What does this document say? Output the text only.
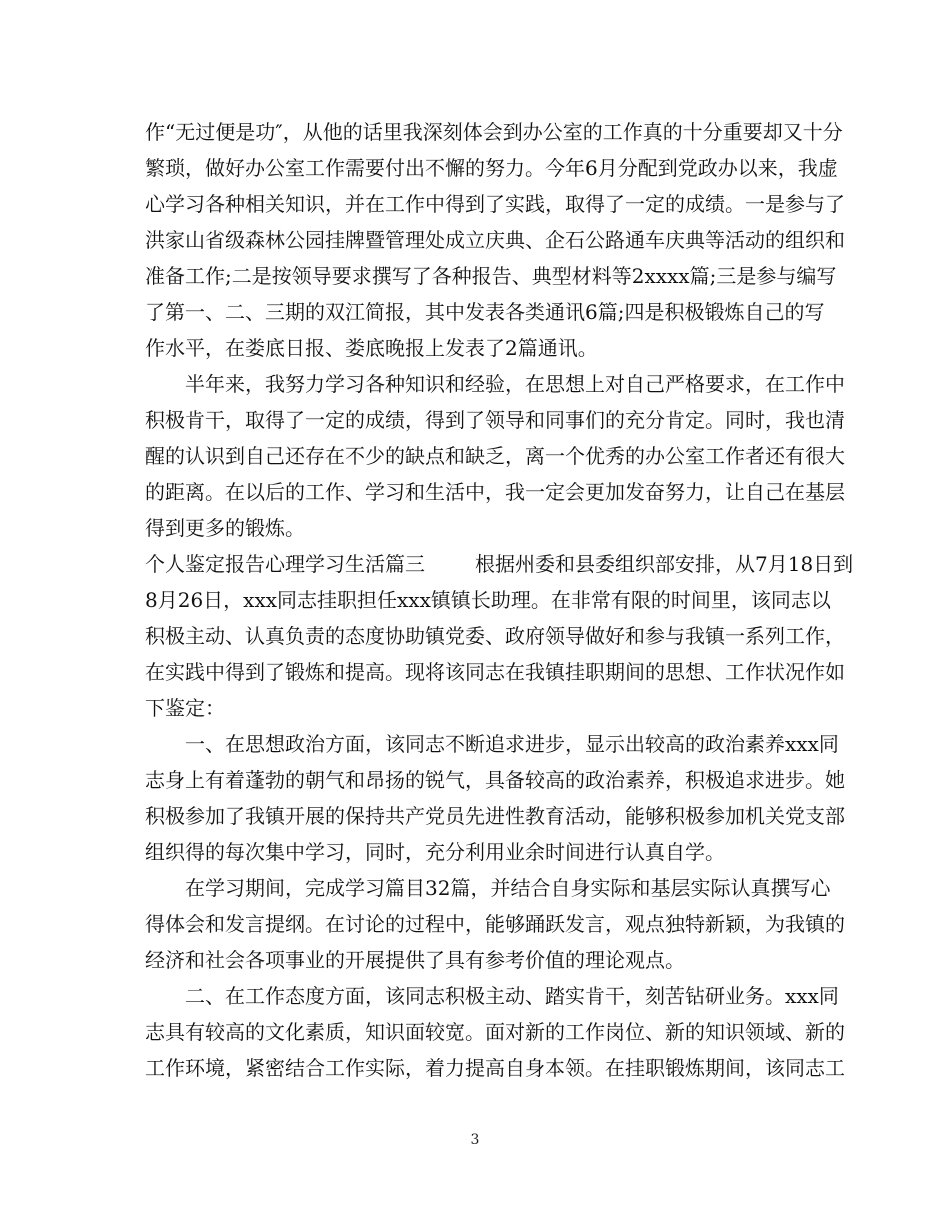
作“无过便是功″，从他的话里我深刻体会到办公室的工作真的十分重要却又十分
繁琐，做好办公室工作需要付出不懈的努力。今年6月分配到党政办以来，我虚
心学习各种相关知识，并在工作中得到了实践，取得了一定的成绩。一是参与了
洪家山省级森林公园挂牌暨管理处成立庆典、企石公路通车庆典等活动的组织和
准备工作;二是按领导要求撰写了各种报告、典型材料等2xxxx篇;三是参与编写
了第一、二、三期的双江简报，其中发表各类通讯6篇;四是积极锻炼自己的写
作水平，在娄底日报、娄底晚报上发表了2篇通讯。
半年来，我努力学习各种知识和经验，在思想上对自己严格要求，在工作中
积极肯干，取得了一定的成绩，得到了领导和同事们的充分肯定。同时，我也清
醒的认识到自己还存在不少的缺点和缺乏，离一个优秀的办公室工作者还有很大
的距离。在以后的工作、学习和生活中，我一定会更加发奋努力，让自己在基层
得到更多的锻炼。
个人鉴定报告心理学习生活篇三	根据州委和县委组织部安排，从7月18日到
8月26日，xxx同志挂职担任xxx镇镇长助理。在非常有限的时间里，该同志以
积极主动、认真负责的态度协助镇党委、政府领导做好和参与我镇一系列工作，
在实践中得到了锻炼和提高。现将该同志在我镇挂职期间的思想、工作状况作如
下鉴定：
一、在思想政治方面，该同志不断追求进步，显示出较高的政治素养xxx同
志身上有着蓬勃的朝气和昂扬的锐气，具备较高的政治素养，积极追求进步。她
积极参加了我镇开展的保持共产党员先进性教育活动，能够积极参加机关党支部
组织得的每次集中学习，同时，充分利用业余时间进行认真自学。
在学习期间，完成学习篇目32篇，并结合自身实际和基层实际认真撰写心
得体会和发言提纲。在讨论的过程中，能够踊跃发言，观点独特新颖，为我镇的
经济和社会各项事业的开展提供了具有参考价值的理论观点。
二、在工作态度方面，该同志积极主动、踏实肯干，刻苦钻研业务。xxx同
志具有较高的文化素质，知识面较宽。面对新的工作岗位、新的知识领域、新的
工作环境，紧密结合工作实际，着力提高自身本领。在挂职锻炼期间，该同志工
3
